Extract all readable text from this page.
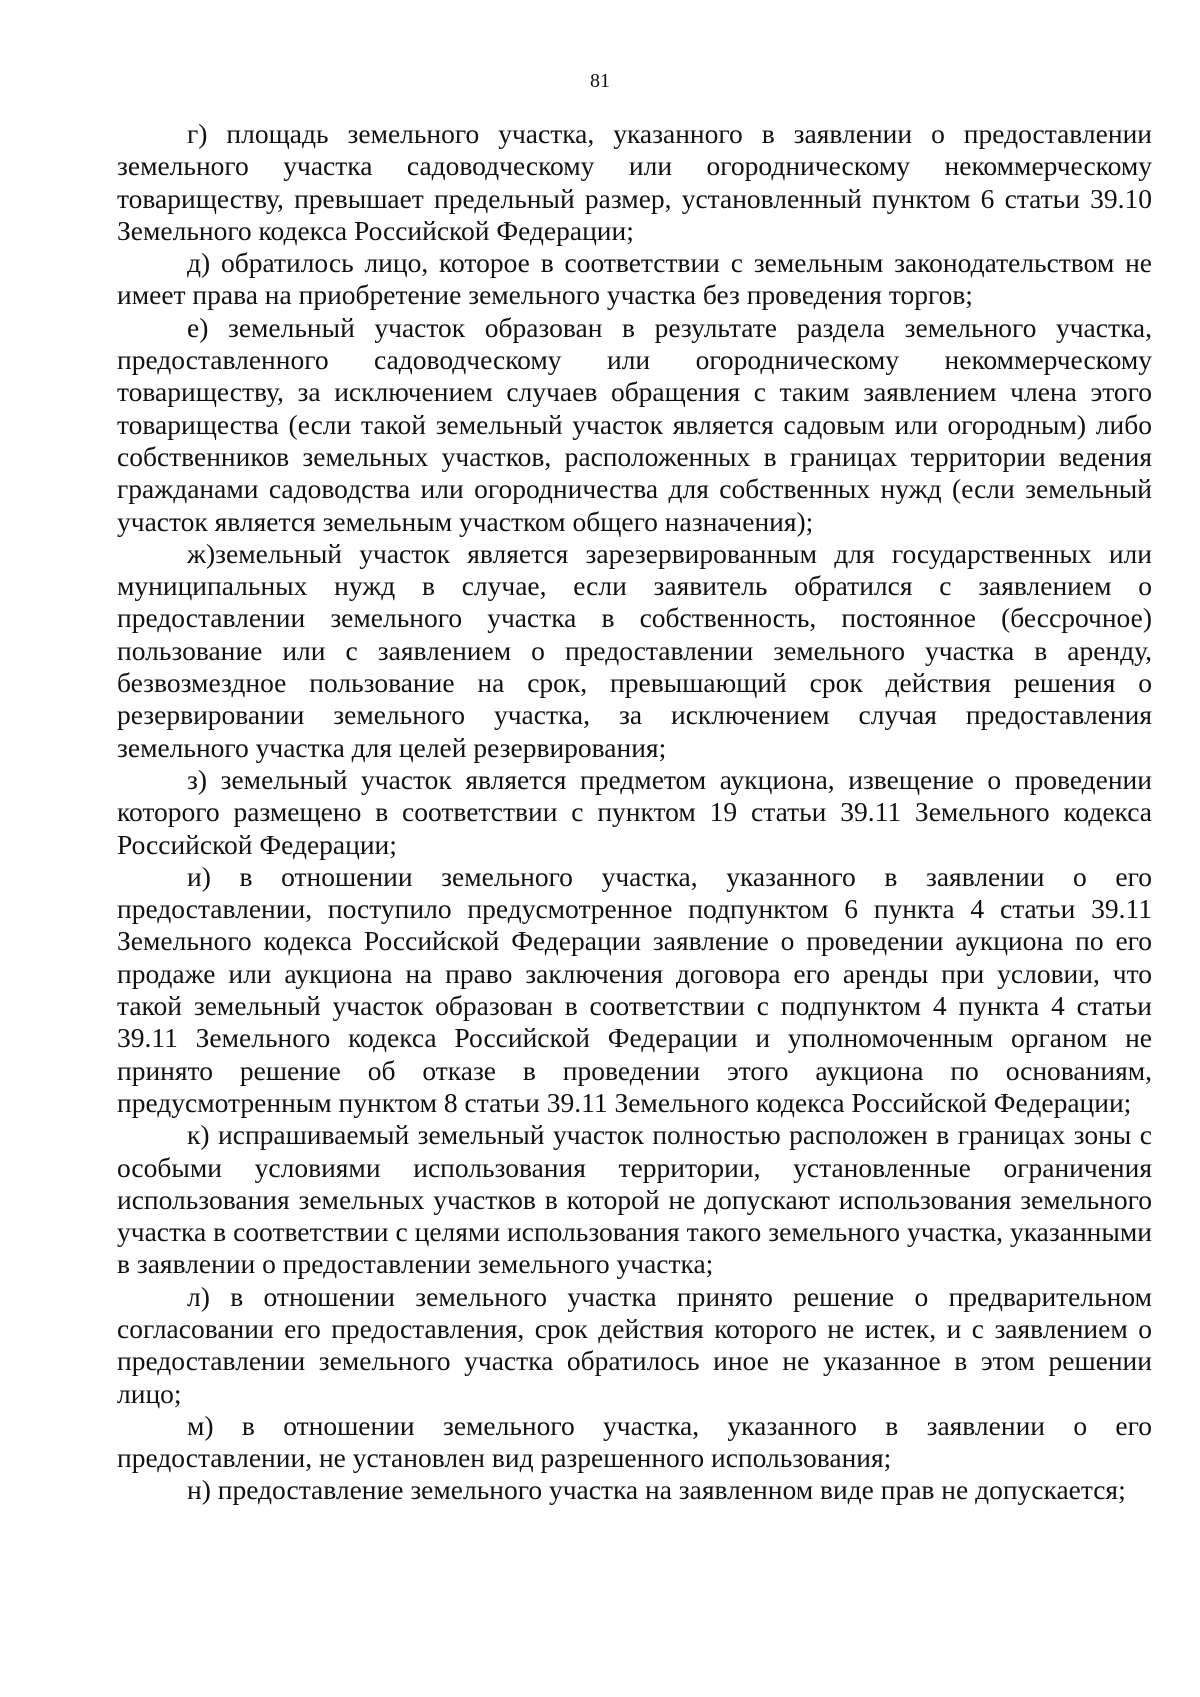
81

г) площадь земельного участка, указанного в заявлении о предоставлении земельного участка садоводческому или огородническому некоммерческому товариществу, превышает предельный размер, установленный пунктом 6 статьи 39.10 Земельного кодекса Российской Федерации;

д) обратилось лицо, которое в соответствии с земельным законодательством не имеет права на приобретение земельного участка без проведения торгов;

е) земельный участок образован в результате раздела земельного участка, предоставленного садоводческому или огородническому некоммерческому товариществу, за исключением случаев обращения с таким заявлением члена этого товарищества (если такой земельный участок является садовым или огородным) либо собственников земельных участков, расположенных в границах территории ведения гражданами садоводства или огородничества для собственных нужд (если земельный участок является земельным участком общего назначения);

ж)земельный участок является зарезервированным для государственных или муниципальных нужд в случае, если заявитель обратился с заявлением о предоставлении земельного участка в собственность, постоянное (бессрочное) пользование или с заявлением о предоставлении земельного участка в аренду, безвозмездное пользование на срок, превышающий срок действия решения о резервировании земельного участка, за исключением случая предоставления земельного участка для целей резервирования;

з) земельный участок является предметом аукциона, извещение о проведении которого размещено в соответствии с пунктом 19 статьи 39.11 Земельного кодекса Российской Федерации;

и) в отношении земельного участка, указанного в заявлении о его предоставлении, поступило предусмотренное подпунктом 6 пункта 4 статьи 39.11 Земельного кодекса Российской Федерации заявление о проведении аукциона по его продаже или аукциона на право заключения договора его аренды при условии, что такой земельный участок образован в соответствии с подпунктом 4 пункта 4 статьи 39.11 Земельного кодекса Российской Федерации и уполномоченным органом не принято решение об отказе в проведении этого аукциона по основаниям, предусмотренным пунктом 8 статьи 39.11 Земельного кодекса Российской Федерации;

к) испрашиваемый земельный участок полностью расположен в границах зоны с особыми условиями использования территории, установленные ограничения использования земельных участков в которой не допускают использования земельного участка в соответствии с целями использования такого земельного участка, указанными в заявлении о предоставлении земельного участка;

л) в отношении земельного участка принято решение о предварительном согласовании его предоставления, срок действия которого не истек, и с заявлением о предоставлении земельного участка обратилось иное не указанное в этом решении лицо;

м) в отношении земельного участка, указанного в заявлении о его предоставлении, не установлен вид разрешенного использования;

н) предоставление земельного участка на заявленном виде прав не допускается;
